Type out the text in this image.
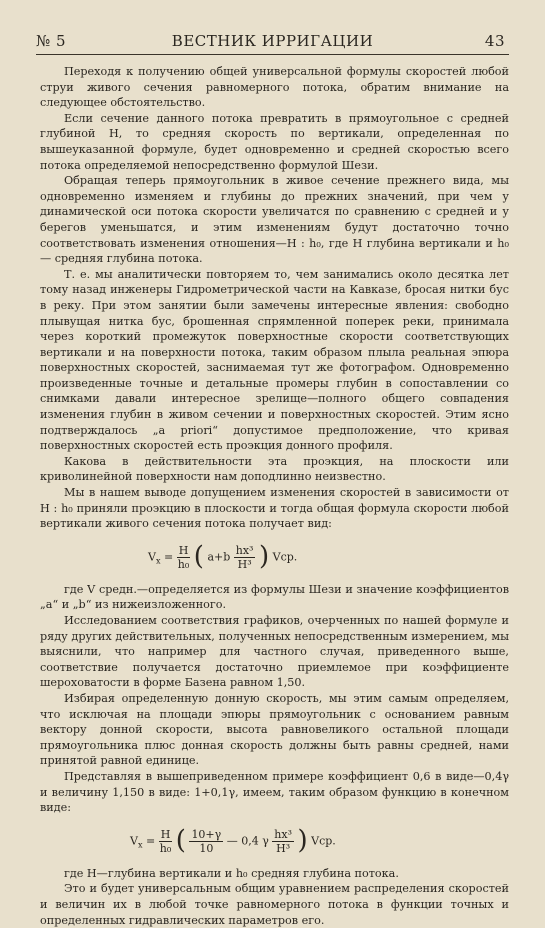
№ 5	ВЕСТНИК ИРРИГАЦИИ	43

Переходя к получению общей универсальной формулы скоростей любой струи живого сечения равномерного потока, обратим внимание на следующее обстоятельство.

Если сечение данного потока превратить в прямоугольное с средней глубиной H, то средняя скорость по вертикали, определенная по вышеуказанной формуле, будет одновременно и средней скоростью всего потока определяемой непосредственно формулой Шези.

Обращая теперь прямоугольник в живое сечение прежнего вида, мы одновременно изменяем и глубины до прежних значений, при чем у динамической оси потока скорости увеличатся по сравнению с средней и у берегов уменьшатся, и этим изменениям будут достаточно точно соответствовать изменения отношения—H : h₀, где H глубина вертикали и h₀ — средняя глубина потока.

Т. е. мы аналитически повторяем то, чем занимались около десятка лет тому назад инженеры Гидрометрической части на Кавказе, бросая нитки бус в реку. При этом занятии были замечены интересные явления: свободно плывущая нитка бус, брошенная спрямленной поперек реки, принимала через короткий промежуток поверхностные скорости соответствующих вертикали и на поверхности потока, таким образом плыла реальная эпюра поверхностных скоростей, заснимаемая тут же фотографом. Одновременно произведенные точные и детальные промеры глубин в сопоставлении со снимками давали интересное зрелище—полного общего совпадения изменения глубин в живом сечении и поверхностных скоростей. Этим ясно подтверждалось „a priori“ допустимое предположение, что кривая поверхностных скоростей есть проэкция донного профиля.

Какова в действительности эта проэкция, на плоскости или криволинейной поверхности нам доподлинно неизвестно.

Мы в нашем выводе допущением изменения скоростей в зависимости от H : h₀ приняли проэкцию в плоскости и тогда общая формула скорости любой вертикали живого сечения потока получает вид:

$V_x = \frac{H}{\text{h₀}}$ ( $a+b \frac{\text{hx³}}{\text{H³}}$ ) Vcp.

где V средн.—определяется из формулы Шези и значение коэффициентов „a“ и „b“ из нижеизложенного.

Исследованием соответствия графиков, очерченных по нашей формуле и ряду других действительных, полученных непосредственным измерением, мы выяснили, что например для частного случая, приведенного выше, соответствие получается достаточно приемлемое при коэффициенте шероховатости в форме Базена равном 1,50.

Избирая определенную донную скорость, мы этим самым определяем, что исключая на площади эпюры прямоугольник с основанием равным вектору донной скорости, высота равновеликого остальной площади прямоугольника плюс донная скорость должны быть равны средней, нами принятой равной единице.

Представляя в вышеприведенном примере коэффициент 0,6 в виде—0,4γ и величину 1,150 в виде: 1+0,1γ, имеем, таким образом функцию в конечном виде:

$V_x = \frac{H}{\text{h₀}}$ ( $\frac{10+\gamma}{10}$ — 0,4 γ $\frac{\text{hx³}}{\text{H³}}$ ) Vcp.

где H—глубина вертикали и h₀ средняя глубина потока.

Это и будет универсальным общим уравнением распределения скоростей и величин их в любой точке равномерного потока в функции точных и определенных гидравлических параметров его.
